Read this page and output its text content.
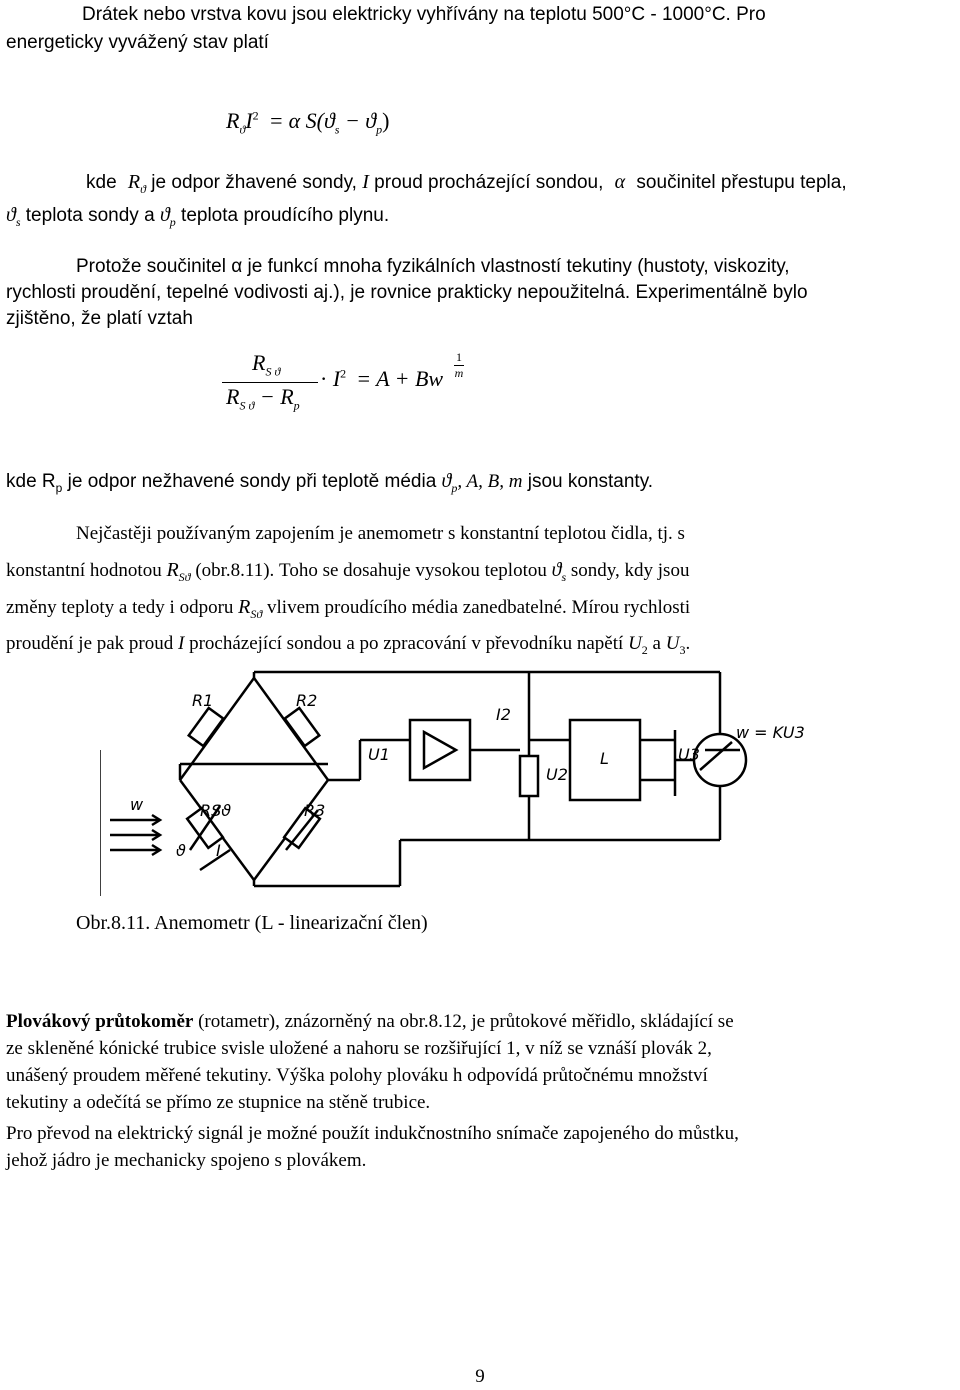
Drátek nebo vrstva kovu jsou elektricky vyhřívány na teplotu 500°C - 1000°C. Pro
energeticky vyvážený stav platí
$R_ϑI^2 = \alpha$ $S(ϑ_s - ϑ_p)$
kde $R_ϑ$ je odpor žhavené sondy, I proud procházející sondou, α součinitel přestupu tepla,
$ϑ_s$ teplota sondy a $ϑ_p$ teplota proudícího plynu.
Protože součinitel α je funkcí mnoha fyzikálních vlastností tekutiny (hustoty, viskozity,
rychlosti proudění, tepelné vodivosti aj.), je rovnice prakticky nepoužitelná. Experimentálně bylo
zjištěno, že platí vztah
$R_{S ϑ}$
$R_{S ϑ} - R_p$
· $I^2 = A + Bw$
1
m
kde $R_p$ je odpor nežhavené sondy při teplotě média $ϑ_p$, A, B, m jsou konstanty.
Nejčastěji používaným zapojením je anemometr s konstantní teplotou čidla, tj. s
konstantní hodnotou $R_{Sϑ}$ (obr.8.11). Toho se dosahuje vysokou teplotou $ϑ_s$ sondy, kdy jsou
změny teploty a tedy i odporu $R_{Sϑ}$ vlivem proudícího média zanedbatelné. Mírou rychlosti
proudění je pak proud I procházející sondou a po zpracování v převodníku napětí $U_2$ a $U_3$.
R1	R2
RSϑ	R3
I2
U1
U2
U3
L
w
ϑ I
w = KU3
Obr.8.11. Anemometr (L - linearizační člen)
Plovákový průtokoměr (rotametr), znázorněný na obr.8.12, je průtokové měřidlo, skládající se
ze skleněné kónické trubice svisle uložené a nahoru se rozšiřující 1, v níž se vznáší plovák 2,
unášený proudem měřené tekutiny. Výška polohy plováku h odpovídá průtočnému množství
tekutiny a odečítá se přímo ze stupnice na stěně trubice.
Pro převod na elektrický signál je možné použít indukčnostního snímače zapojeného do můstku,
jehož jádro je mechanicky spojeno s plovákem.
9
